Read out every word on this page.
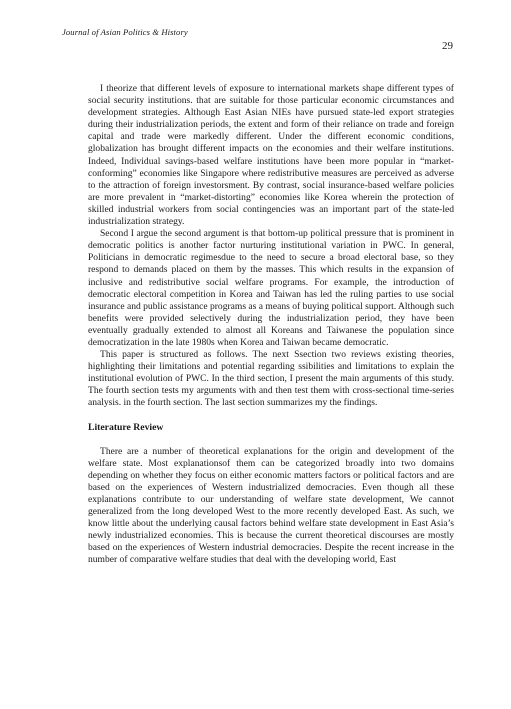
Journal of Asian Politics & History
29

I theorize that different levels of exposure to international markets shape different types of social security institutions. that are suitable for those particular economic circumstances and development strategies. Although East Asian NIEs have pursued state-led export strategies during their industrialization periods, the extent and form of their reliance on trade and foreign capital and trade were markedly different. Under the different economic conditions, globalization has brought different impacts on the economies and their welfare institutions. Indeed, Individual savings-based welfare institutions have been more popular in “market-conforming” economies like Singapore where redistributive measures are perceived as adverse to the attraction of foreign investorsment. By contrast, social insurance-based welfare policies are more prevalent in “market-distorting” economies like Korea wherein the protection of skilled industrial workers from social contingencies was an important part of the state-led industrialization strategy.

Second I argue the second argument is that bottom-up political pressure that is prominent in democratic politics is another factor nurturing institutional variation in PWC. In general, Politicians in democratic regimesdue to the need to secure a broad electoral base, so they respond to demands placed on them by the masses. This which results in the expansion of inclusive and redistributive social welfare programs. For example, the introduction of democratic electoral competition in Korea and Taiwan has led the ruling parties to use social insurance and public assistance programs as a means of buying political support. Although such benefits were provided selectively during the industrialization period, they have been eventually gradually extended to almost all Koreans and Taiwanese the population since democratization in the late 1980s when Korea and Taiwan became democratic.

This paper is structured as follows. The next Ssection two reviews existing theories, highlighting their limitations and potential regarding ssibilities and limitations to explain the institutional evolution of PWC. In the third section, I present the main arguments of this study. The fourth section tests my arguments with and then test them with cross-sectional time-series analysis. in the fourth section. The last section summarizes my the findings.

Literature Review

There are a number of theoretical explanations for the origin and development of the welfare state. Most explanationsof them can be categorized broadly into two domains depending on whether they focus on either economic matters factors or political factors and are based on the experiences of Western industrialized democracies. Even though all these explanations contribute to our understanding of welfare state development, We cannot generalized from the long developed West to the more recently developed East. As such, we know little about the underlying causal factors behind welfare state development in East Asia’s newly industrialized economies. This is because the current theoretical discourses are mostly based on the experiences of Western industrial democracies. Despite the recent increase in the number of comparative welfare studies that deal with the developing world, East
